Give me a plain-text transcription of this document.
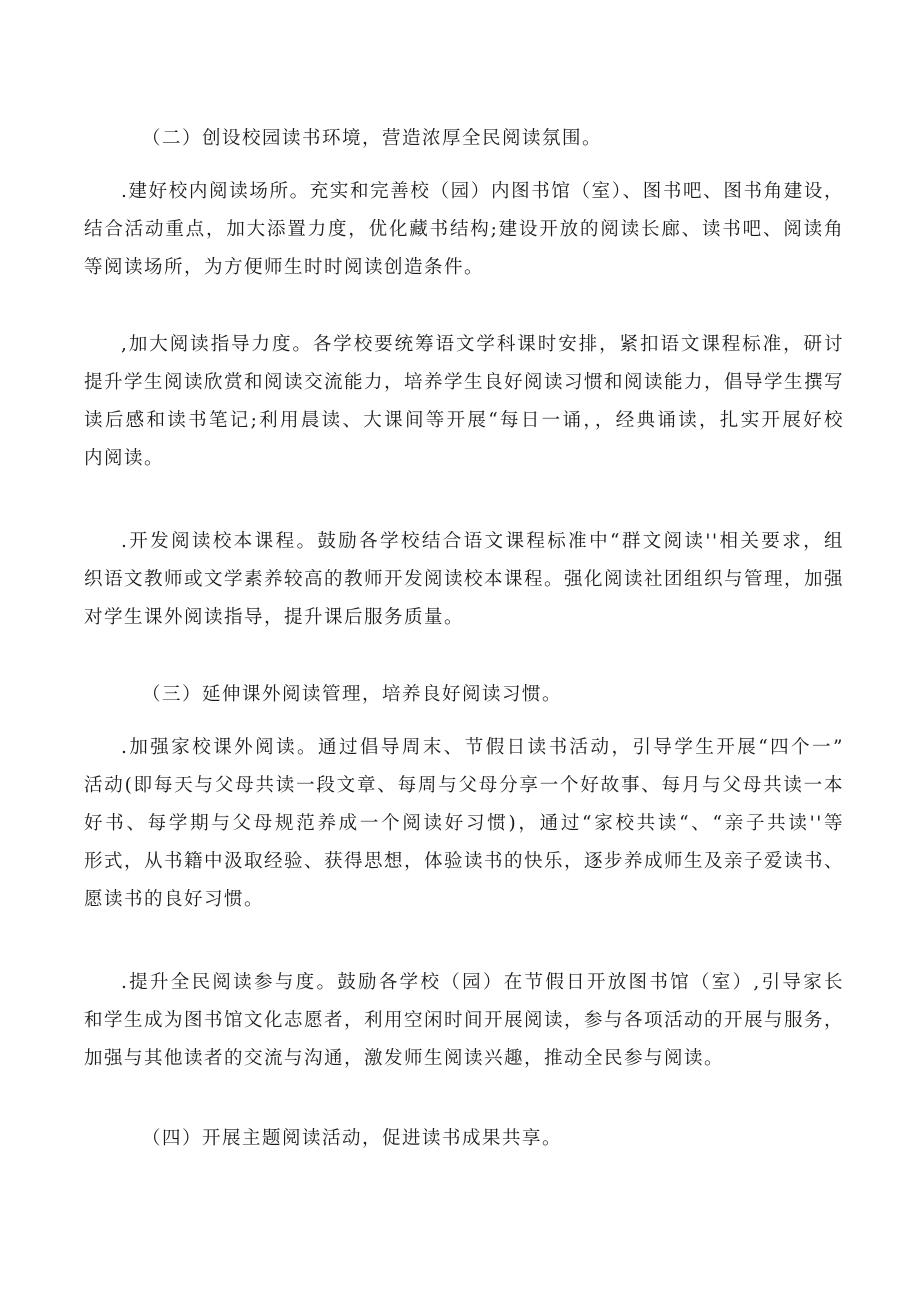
（二）创设校园读书环境，营造浓厚全民阅读氛围。

.建好校内阅读场所。充实和完善校（园）内图书馆（室）、图书吧、图书角建设，
结合活动重点，加大添置力度，优化藏书结构;建设开放的阅读长廊、读书吧、阅读角
等阅读场所，为方便师生时时阅读创造条件。
,加大阅读指导力度。各学校要统筹语文学科课时安排，紧扣语文课程标准，研讨
提升学生阅读欣赏和阅读交流能力，培养学生良好阅读习惯和阅读能力，倡导学生撰写
读后感和读书笔记;利用晨读、大课间等开展“每日一诵，，经典诵读，扎实开展好校
内阅读。
.开发阅读校本课程。鼓励各学校结合语文课程标准中“群文阅读''相关要求，组
织语文教师或文学素养较高的教师开发阅读校本课程。强化阅读社团组织与管理，加强
对学生课外阅读指导，提升课后服务质量。

（三）延伸课外阅读管理，培养良好阅读习惯。

.加强家校课外阅读。通过倡导周末、节假日读书活动，引导学生开展“四个一”
活动(即每天与父母共读一段文章、每周与父母分享一个好故事、每月与父母共读一本
好书、每学期与父母规范养成一个阅读好习惯)，通过“家校共读“、“亲子共读''等
形式，从书籍中汲取经验、获得思想，体验读书的快乐，逐步养成师生及亲子爱读书、
愿读书的良好习惯。
.提升全民阅读参与度。鼓励各学校（园）在节假日开放图书馆（室）,引导家长
和学生成为图书馆文化志愿者，利用空闲时间开展阅读，参与各项活动的开展与服务，
加强与其他读者的交流与沟通，激发师生阅读兴趣，推动全民参与阅读。

（四）开展主题阅读活动，促进读书成果共享。
